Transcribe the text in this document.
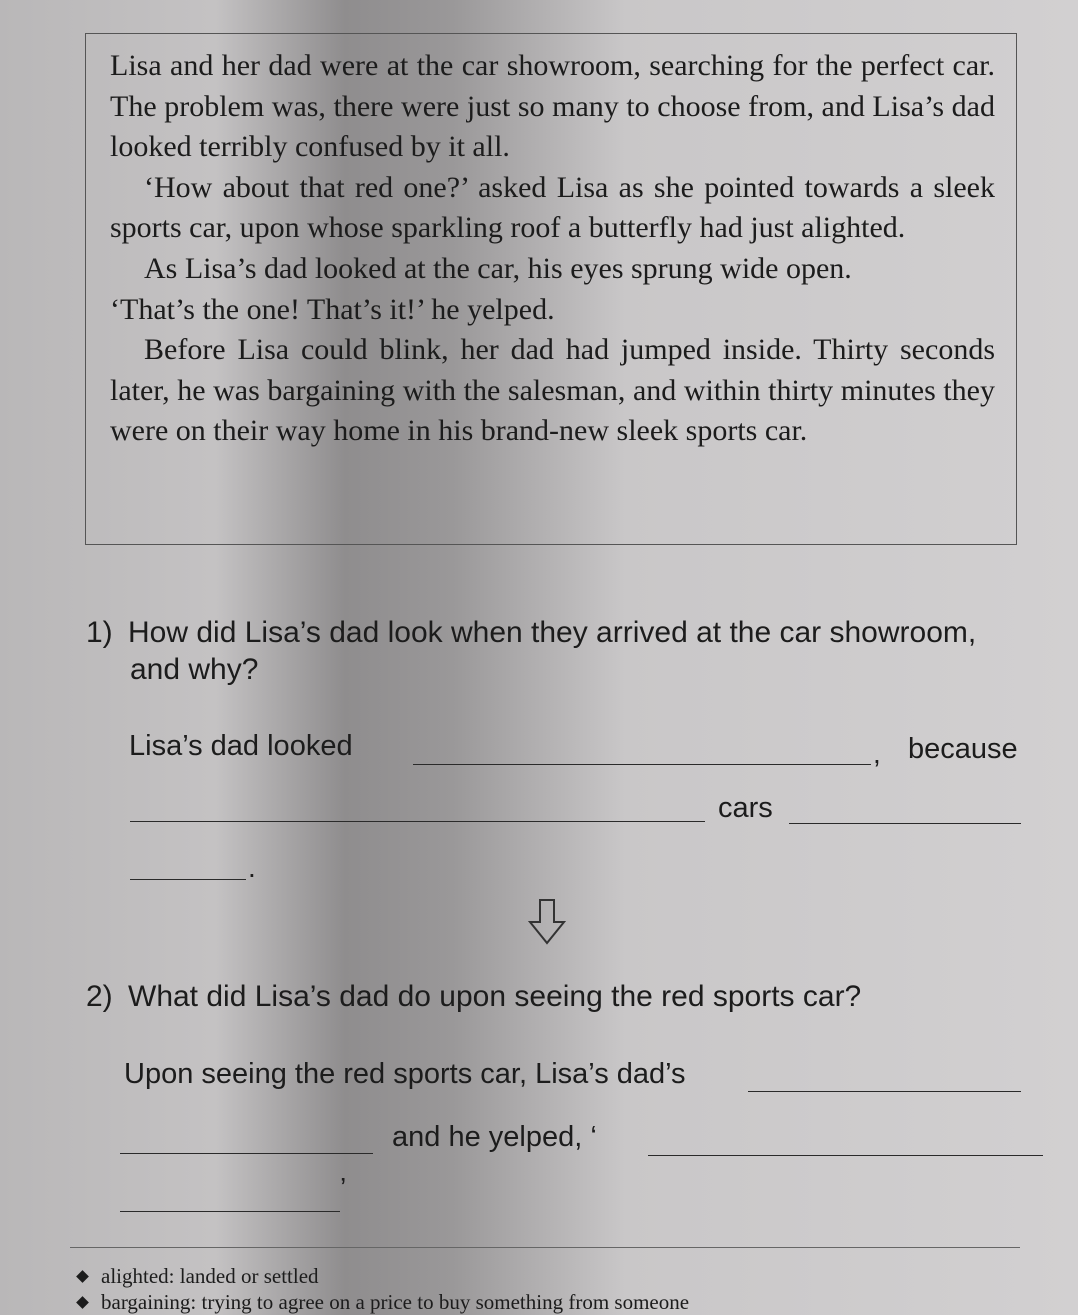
Lisa and her dad were at the car showroom, searching for the perfect car. The problem was, there were just so many to choose from, and Lisa’s dad looked terribly confused by it all.

‘How about that red one?’ asked Lisa as she pointed towards a sleek sports car, upon whose sparkling roof a butterfly had just alighted.

As Lisa’s dad looked at the car, his eyes sprung wide open.

‘That’s the one! That’s it!’ he yelped.

Before Lisa could blink, her dad had jumped inside. Thirty seconds later, he was bargaining with the salesman, and within thirty minutes they were on their way home in his brand-new sleek sports car.

1) How did Lisa’s dad look when they arrived at the car showroom,
and why?
Lisa’s dad looked	, because
cars
.
2) What did Lisa’s dad do upon seeing the red sports car?
Upon seeing the red sports car, Lisa’s dad’s
and he yelped, ‘
’
alighted: landed or settled
bargaining: trying to agree on a price to buy something from someone
